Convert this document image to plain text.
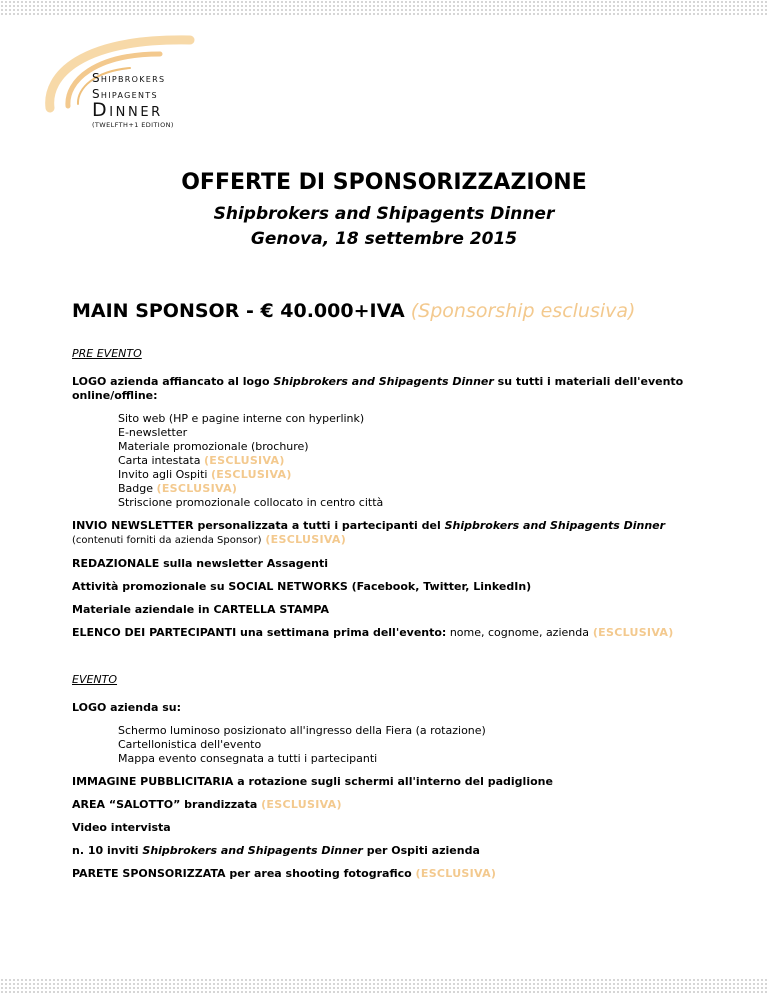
Shipbrokers
Shipagents
Dinner
(TWELFTH+1 EDITION)
OFFERTE DI SPONSORIZZAZIONE
Shipbrokers and Shipagents Dinner
Genova, 18 settembre 2015
MAIN SPONSOR - € 40.000+IVA (Sponsorship esclusiva)
PRE EVENTO
LOGO azienda affiancato al logo Shipbrokers and Shipagents Dinner su tutti i materiali dell'evento online/offline:
Sito web (HP e pagine interne con hyperlink)
E-newsletter
Materiale promozionale (brochure)
Carta intestata (ESCLUSIVA)
Invito agli Ospiti (ESCLUSIVA)
Badge (ESCLUSIVA)
Striscione promozionale collocato in centro città
INVIO NEWSLETTER personalizzata a tutti i partecipanti del Shipbrokers and Shipagents Dinner
(contenuti forniti da azienda Sponsor) (ESCLUSIVA)
REDAZIONALE sulla newsletter Assagenti
Attività promozionale su SOCIAL NETWORKS (Facebook, Twitter, LinkedIn)
Materiale aziendale in CARTELLA STAMPA
ELENCO DEI PARTECIPANTI una settimana prima dell'evento: nome, cognome, azienda (ESCLUSIVA)
EVENTO
LOGO azienda su:
Schermo luminoso posizionato all'ingresso della Fiera (a rotazione)
Cartellonistica dell'evento
Mappa evento consegnata a tutti i partecipanti
IMMAGINE PUBBLICITARIA a rotazione sugli schermi all'interno del padiglione
AREA “SALOTTO” brandizzata (ESCLUSIVA)
Video intervista
n. 10 inviti Shipbrokers and Shipagents Dinner per Ospiti azienda
PARETE SPONSORIZZATA per area shooting fotografico (ESCLUSIVA)
